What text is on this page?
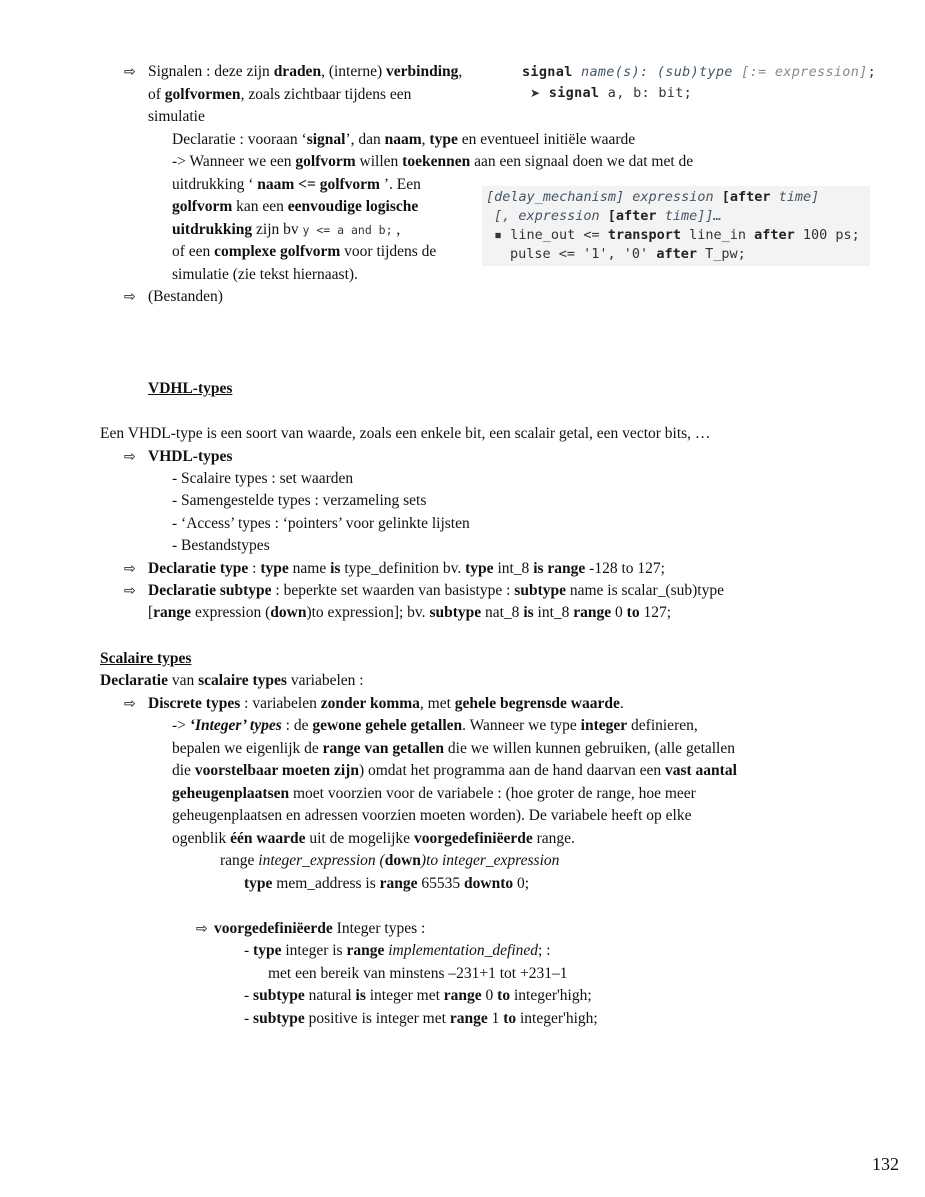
⇨ Signalen : deze zijn draden, (interne) verbinding,
of golfvormen, zoals zichtbaar tijdens een
simulatie
signal name(s): (sub)type [:= expression];
➤ signal a, b: bit;
Declaratie : vooraan ‘signal’, dan naam, type en eventueel initiële waarde
-> Wanneer we een golfvorm willen toekennen aan een signaal doen we dat met de
uitdrukking ‘ naam <= golfvorm ’. Een
golfvorm kan een eenvoudige logische
uitdrukking zijn bv y <= a and b; ,
of een complexe golfvorm voor tijdens de
simulatie (zie tekst hiernaast).
[delay_mechanism] expression [after time]
[, expression [after time]]…
▪ line_out <= transport line_in after 100 ps;
pulse <= '1', '0' after T_pw;
⇨ (Bestanden)
VDHL-types
Een VHDL-type is een soort van waarde, zoals een enkele bit, een scalair getal, een vector bits, …
⇨ VHDL-types
- Scalaire types : set waarden
- Samengestelde types : verzameling sets
- ‘Access’ types : ‘pointers’ voor gelinkte lijsten
- Bestandstypes
⇨ Declaratie type : type name is type_definition bv. type int_8 is range -128 to 127;
⇨ Declaratie subtype : beperkte set waarden van basistype : subtype name is scalar_(sub)type
[range expression (down)to expression]; bv. subtype nat_8 is int_8 range 0 to 127;
Scalaire types
Declaratie van scalaire types variabelen :
⇨ Discrete types : variabelen zonder komma, met gehele begrensde waarde.
-> ‘Integer’ types : de gewone gehele getallen. Wanneer we type integer definieren,
bepalen we eigenlijk de range van getallen die we willen kunnen gebruiken, (alle getallen
die voorstelbaar moeten zijn) omdat het programma aan de hand daarvan een vast aantal
geheugenplaatsen moet voorzien voor de variabele : (hoe groter de range, hoe meer
geheugenplaatsen en adressen voorzien moeten worden). De variabele heeft op elke
ogenblik één waarde uit de mogelijke voorgedefiniëerde range.
range integer_expression (down)to integer_expression
type mem_address is range 65535 downto 0;
⇨ voorgedefiniëerde Integer types :
- type integer is range implementation_defined; :
met een bereik van minstens –231+1 tot +231–1
- subtype natural is integer met range 0 to integer'high;
- subtype positive is integer met range 1 to integer'high;
132
